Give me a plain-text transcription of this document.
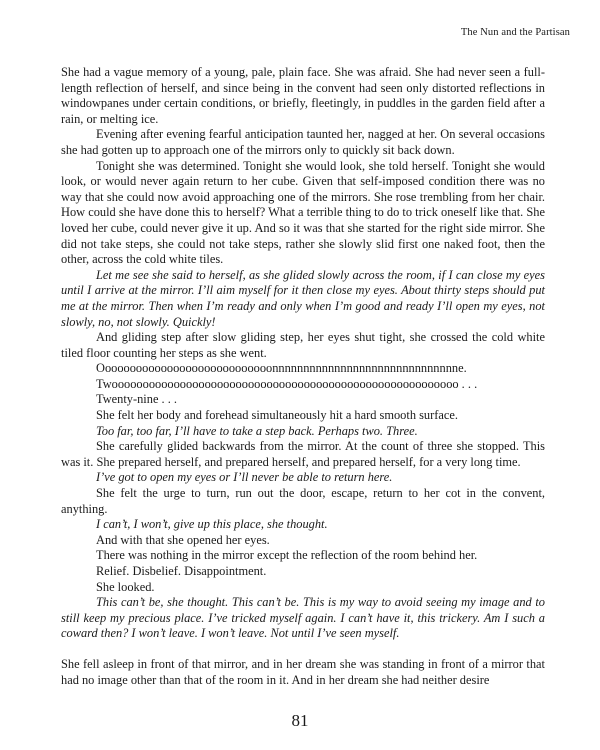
The Nun and the Partisan

She had a vague memory of a young, pale, plain face. She was afraid. She had never seen a full-length reflection of herself, and since being in the convent had seen only distorted reflections in windowpanes under certain conditions, or briefly, fleetingly, in puddles in the garden field after a rain, or melting ice.

Evening after evening fearful anticipation taunted her, nagged at her. On several occasions she had gotten up to approach one of the mirrors only to quickly sit back down.

Tonight she was determined. Tonight she would look, she told herself. Tonight she would look, or would never again return to her cube. Given that self-imposed condition there was no way that she could now avoid approaching one of the mirrors. She rose trembling from her chair. How could she have done this to herself? What a terrible thing to do to trick oneself like that. She loved her cube, could never give it up. And so it was that she started for the right side mirror. She did not take steps, she could not take steps, rather she slowly slid first one naked foot, then the other, across the cold white tiles.

Let me see she said to herself, as she glided slowly across the room, if I can close my eyes until I arrive at the mirror. I’ll aim myself for it then close my eyes. About thirty steps should put me at the mirror. Then when I’m ready and only when I’m good and ready I’ll open my eyes, not slowly, no, not slowly. Quickly!

And gliding step after slow gliding step, her eyes shut tight, she crossed the cold white tiled floor counting her steps as she went.

Oooooooooooooooooooooooooooonnnnnnnnnnnnnnnnnnnnnnnnnnnnnne.

Twoooooooooooooooooooooooooooooooooooooooooooooooooooooooo . . .

Twenty-nine . . .

She felt her body and forehead simultaneously hit a hard smooth surface.

Too far, too far, I’ll have to take a step back. Perhaps two. Three.

She carefully glided backwards from the mirror. At the count of three she stopped. This was it. She prepared herself, and prepared herself, and prepared herself, for a very long time.

I’ve got to open my eyes or I’ll never be able to return here.

She felt the urge to turn, run out the door, escape, return to her cot in the convent, anything.

I can’t, I won’t, give up this place, she thought.

And with that she opened her eyes.

There was nothing in the mirror except the reflection of the room behind her.

Relief. Disbelief. Disappointment.

She looked.

This can’t be, she thought. This can’t be. This is my way to avoid seeing my image and to still keep my precious place. I’ve tricked myself again. I can’t have it, this trickery. Am I such a coward then? I won’t leave. I won’t leave. Not until I’ve seen myself.

She fell asleep in front of that mirror, and in her dream she was standing in front of a mirror that had no image other than that of the room in it. And in her dream she had neither desire

81
